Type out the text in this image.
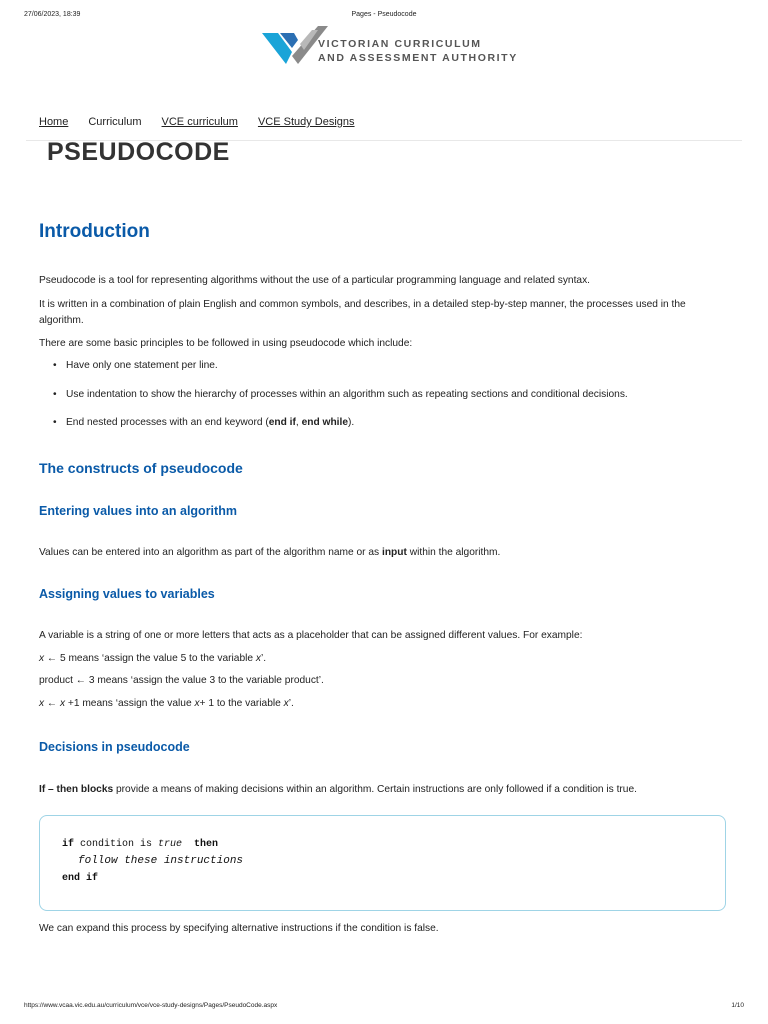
27/06/2023, 18:39	Pages - Pseudocode
VICTORIAN CURRICULUM
AND ASSESSMENT AUTHORITY
Home Curriculum VCE curriculum VCE Study Designs
PSEUDOCODE
Introduction

Pseudocode is a tool for representing algorithms without the use of a particular programming language and related syntax.

It is written in a combination of plain English and common symbols, and describes, in a detailed step-by-step manner, the processes used in the algorithm.

There are some basic principles to be followed in using pseudocode which include:

• Have only one statement per line.
• Use indentation to show the hierarchy of processes within an algorithm such as repeating sections and conditional decisions.
• End nested processes with an end keyword (end if, end while).
The constructs of pseudocode
Entering values into an algorithm

Values can be entered into an algorithm as part of the algorithm name or as input within the algorithm.

Assigning values to variables

A variable is a string of one or more letters that acts as a placeholder that can be assigned different values. For example:

x ← 5 means ‘assign the value 5 to the variable x’.

product ← 3 means ‘assign the value 3 to the variable product’.

x ← x +1 means ‘assign the value x+ 1 to the variable x’.

Decisions in pseudocode

If – then blocks provide a means of making decisions within an algorithm. Certain instructions are only followed if a condition is true.

if condition is true  then
follow these instructions
end if

We can expand this process by specifying alternative instructions if the condition is false.

https://www.vcaa.vic.edu.au/curriculum/vce/vce-study-designs/Pages/PseudoCode.aspx	1/10
